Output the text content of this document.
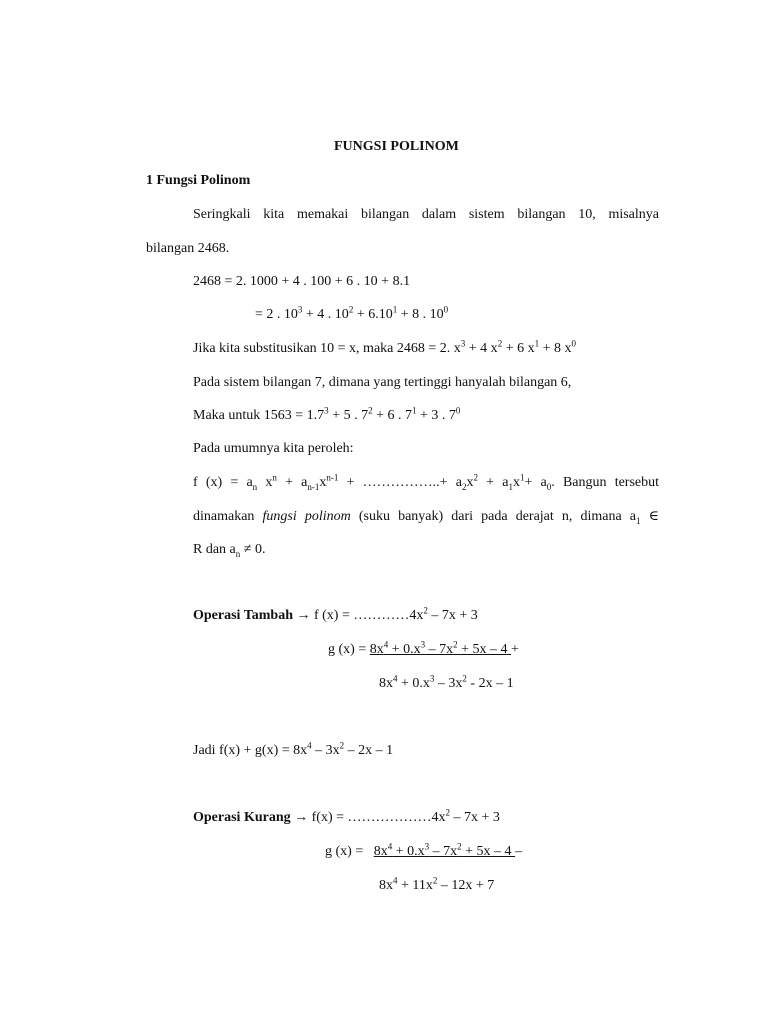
FUNGSI POLINOM
1 Fungsi Polinom
Seringkali kita memakai bilangan dalam sistem bilangan 10, misalnya
bilangan 2468.
2468 = 2. 1000 + 4 . 100 + 6 . 10 + 8.1
= 2 . $10^3 + 4$ . $10^2 + 6.10^1 + 8$ . $10^0$
Jika kita substitusikan 10 = x, maka 2468 = 2. $x^3 + 4$ $x^2 + 6$ $x^1 + 8$ $x^0$
Pada sistem bilangan 7, dimana yang tertinggi hanyalah bilangan 6,
Maka untuk $1563 = 1.7^3 + 5$ . $7^2 + 6$ . $7^1 + 3$ . $7^0$
Pada umumnya kita peroleh:
f $(x) = a_n$ $x^n + a_{n-1}x^{n-1}$ + ……………..+ $a_2x^2 + a_1x^1+ a_0$. Bangun tersebut
dinamakan fungsi polinom (suku banyak) dari pada derajat n, dimana $a_1$ ∈
R dan $a_n \ne 0$.
Operasi Tambah → f $(x) = \dots\dots\dots\dots 4x^2 - 7x + 3$
g $(x) = 8x^4 + 0.x^3 - 7x^2 + 5x - 4$ +
$8x^4 + 0.x^3 - 3x^2 - 2x - 1$
Jadi $f(x) + g(x) = 8x^4 - 3x^2 - 2x - 1$
Operasi Kurang → $f(x) = \dots\dots\dots\dots\dots\dots 4x^2 - 7x + 3$
g $(x) = 8x^4 + 0.x^3 - 7x^2 + 5x - 4$ –
$8x^4 + 11x^2 - 12x + 7$
